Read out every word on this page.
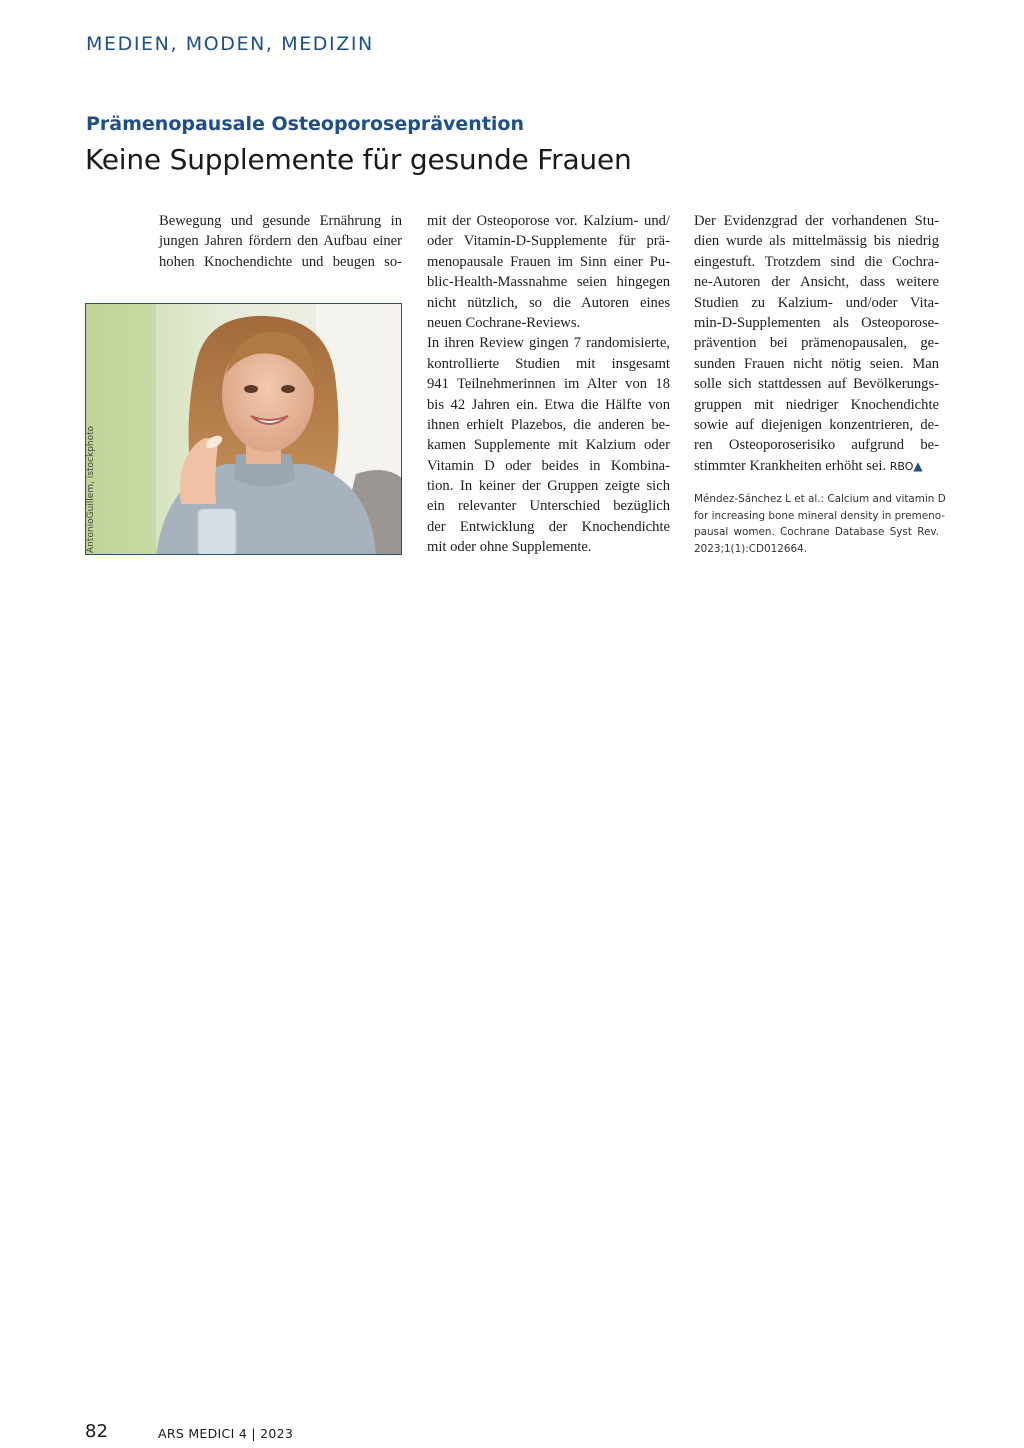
MEDIEN, MODEN, MEDIZIN
Prämenopausale Osteoporoseprävention
Keine Supplemente für gesunde Frauen
Bewegung und gesunde Ernährung in
jungen Jahren fördern den Aufbau einer
hohen Knochendichte und beugen so-
AntonioGuillem, istockphoto
mit der Osteoporose vor. Kalzium- und/
oder Vitamin-D-Supplemente für prä-
menopausale Frauen im Sinn einer Pu-
blic-Health-Massnahme seien hingegen
nicht nützlich, so die Autoren eines
neuen Cochrane-Reviews.
In ihren Review gingen 7 randomisierte,
kontrollierte Studien mit insgesamt
941 Teilnehmerinnen im Alter von 18
bis 42 Jahren ein. Etwa die Hälfte von
ihnen erhielt Plazebos, die anderen be-
kamen Supplemente mit Kalzium oder
Vitamin D oder beides in Kombina-
tion. In keiner der Gruppen zeigte sich
ein relevanter Unterschied bezüglich
der Entwicklung der Knochendichte
mit oder ohne Supplemente.
Der Evidenzgrad der vorhandenen Stu-
dien wurde als mittelmässig bis niedrig
eingestuft. Trotzdem sind die Cochra-
ne-Autoren der Ansicht, dass weitere
Studien zu Kalzium- und/oder Vita-
min-D-Supplementen als Osteoporose-
prävention bei prämenopausalen, ge-
sunden Frauen nicht nötig seien. Man
solle sich stattdessen auf Bevölkerungs-
gruppen mit niedriger Knochendichte
sowie auf diejenigen konzentrieren, de-
ren Osteoporoserisiko aufgrund be-
stimmter Krankheiten erhöht sei. RBO▲
Méndez-Sánchez L et al.: Calcium and vitamin D
for increasing bone mineral density in premeno-
pausal women. Cochrane Database Syst Rev.
2023;1(1):CD012664.
82	ARS MEDICI 4 | 2023
